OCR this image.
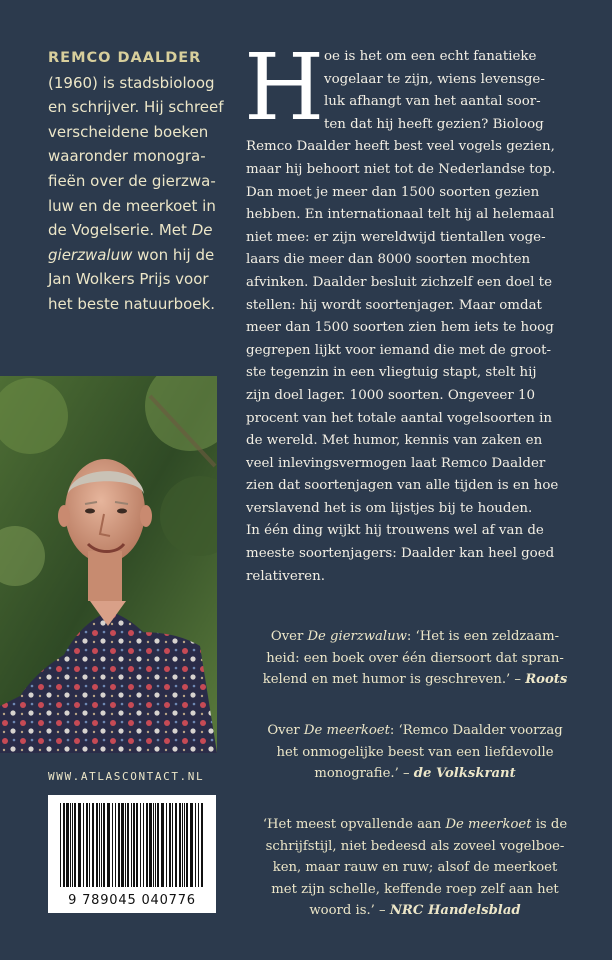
REMCO DAALDER
(1960) is stadsbioloog
en schrijver. Hij schreef
verscheidene boeken
waaronder monogra-
fieën over de gierzwa-
luw en de meerkoet in
de Vogelserie. Met De
gierzwaluw won hij de
Jan Wolkers Prijs voor
het beste natuurboek.
WWW.ATLASCONTACT.NL
9 789045 040776
H oe is het om een echt fanatieke
vogelaar te zijn, wiens levensge-
luk afhangt van het aantal soor-
ten dat hij heeft gezien? Bioloog
Remco Daalder heeft best veel vogels gezien,
maar hij behoort niet tot de Nederlandse top.
Dan moet je meer dan 1500 soorten gezien
hebben. En internationaal telt hij al helemaal
niet mee: er zijn wereldwijd tientallen voge-
laars die meer dan 8000 soorten mochten
afvinken. Daalder besluit zichzelf een doel te
stellen: hij wordt soortenjager. Maar omdat
meer dan 1500 soorten zien hem iets te hoog
gegrepen lijkt voor iemand die met de groot-
ste tegenzin in een vliegtuig stapt, stelt hij
zijn doel lager. 1000 soorten. Ongeveer 10
procent van het totale aantal vogelsoorten in
de wereld. Met humor, kennis van zaken en
veel inlevingsvermogen laat Remco Daalder
zien dat soortenjagen van alle tijden is en hoe
verslavend het is om lijstjes bij te houden.
In één ding wijkt hij trouwens wel af van de
meeste soortenjagers: Daalder kan heel goed
relativeren.
Over De gierzwaluw: ‘Het is een zeldzaam-
heid: een boek over één diersoort dat spran-
kelend en met humor is geschreven.’ – Roots
Over De meerkoet: ‘Remco Daalder voorzag
het onmogelijke beest van een liefdevolle
monografie.’ – de Volkskrant
‘Het meest opvallende aan De meerkoet is de
schrijfstijl, niet bedeesd als zoveel vogelboe-
ken, maar rauw en ruw; alsof de meerkoet
met zijn schelle, keffende roep zelf aan het
woord is.’ – NRC Handelsblad
